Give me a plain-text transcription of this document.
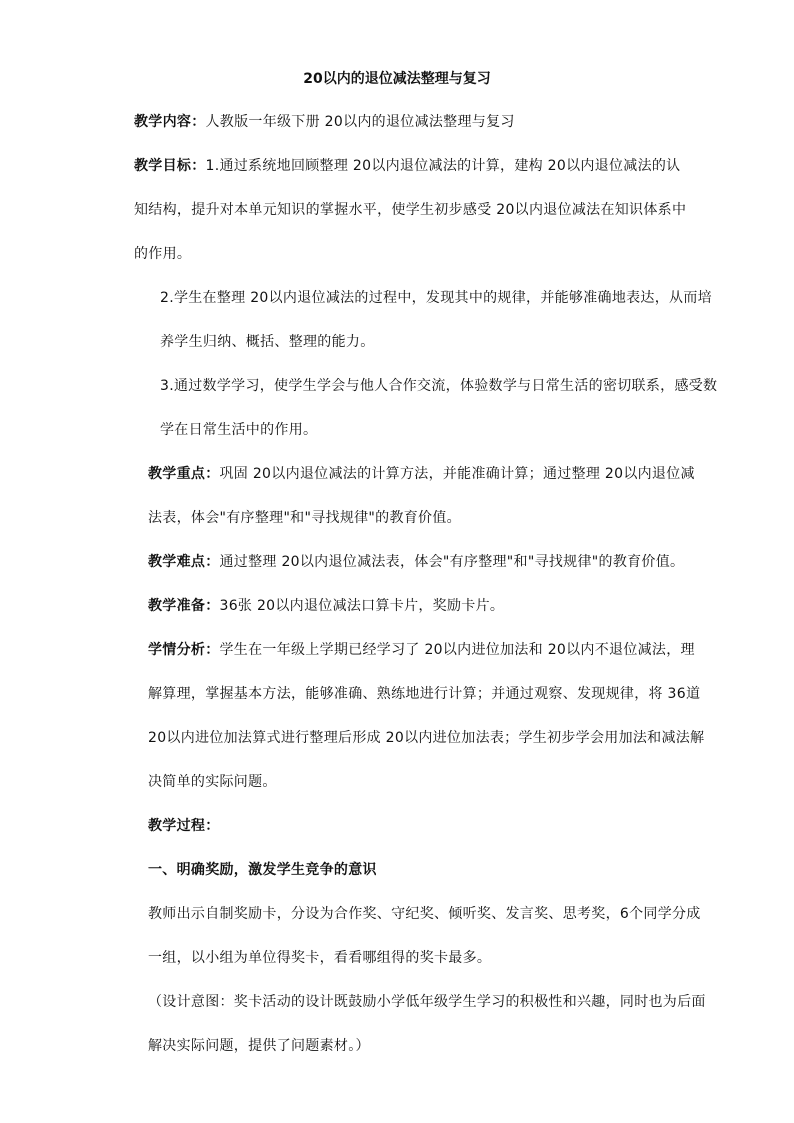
20以内的退位减法整理与复习
教学内容：人教版一年级下册 20以内的退位减法整理与复习
教学目标：1.通过系统地回顾整理 20以内退位减法的计算，建构 20以内退位减法的认知结构，提升对本单元知识的掌握水平，使学生初步感受 20以内退位减法在知识体系中的作用。
2.学生在整理 20以内退位减法的过程中，发现其中的规律，并能够准确地表达，从而培养学生归纳、概括、整理的能力。
3.通过数学学习，使学生学会与他人合作交流，体验数学与日常生活的密切联系，感受数学在日常生活中的作用。
教学重点：巩固 20以内退位减法的计算方法，并能准确计算；通过整理 20以内退位减法表，体会"有序整理"和"寻找规律"的教育价值。
教学难点：通过整理 20以内退位减法表，体会"有序整理"和"寻找规律"的教育价值。
教学准备：36张 20以内退位减法口算卡片，奖励卡片。
学情分析：学生在一年级上学期已经学习了 20以内进位加法和 20以内不退位减法，理解算理，掌握基本方法，能够准确、熟练地进行计算；并通过观察、发现规律，将 36道20以内进位加法算式进行整理后形成 20以内进位加法表；学生初步学会用加法和减法解决简单的实际问题。
教学过程：
一、明确奖励，激发学生竞争的意识
教师出示自制奖励卡，分设为合作奖、守纪奖、倾听奖、发言奖、思考奖，6个同学分成一组，以小组为单位得奖卡，看看哪组得的奖卡最多。
（设计意图：奖卡活动的设计既鼓励小学低年级学生学习的积极性和兴趣，同时也为后面解决实际问题，提供了问题素材。）
